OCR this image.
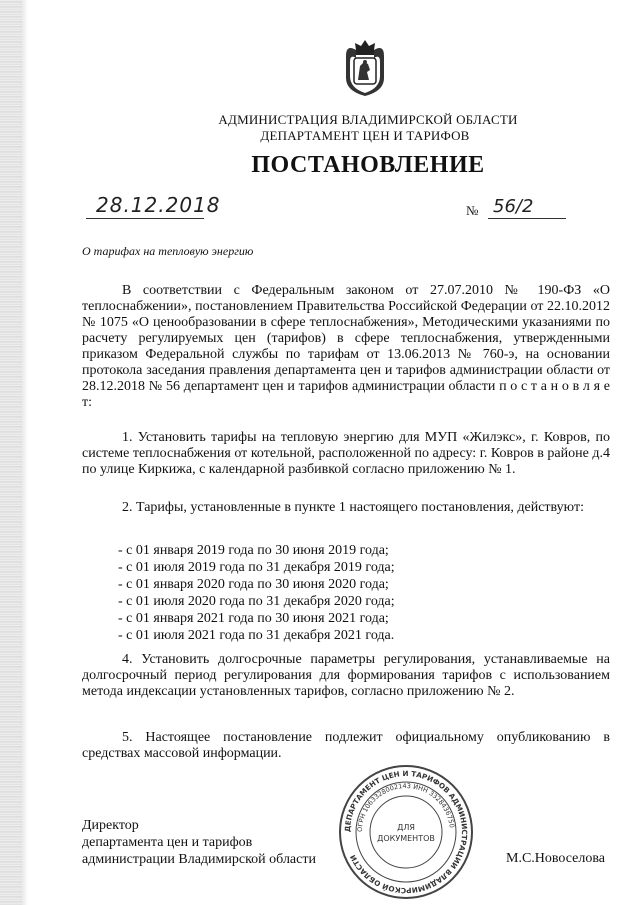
АДМИНИСТРАЦИЯ ВЛАДИМИРСКОЙ ОБЛАСТИ
ДЕПАРТАМЕНТ ЦЕН И ТАРИФОВ
ПОСТАНОВЛЕНИЕ
28.12.2018	№ 56/2
О тарифах на тепловую энергию
В соответствии с Федеральным законом от 27.07.2010 № 190-ФЗ «О теплоснабжении», постановлением Правительства Российской Федерации от 22.10.2012 № 1075 «О ценообразовании в сфере теплоснабжения», Методическими указаниями по расчету регулируемых цен (тарифов) в сфере теплоснабжения, утвержденными приказом Федеральной службы по тарифам от 13.06.2013 № 760-э, на основании протокола заседания правления департамента цен и тарифов администрации области от 28.12.2018 № 56 департамент цен и тарифов администрации области п о с т а н о в л я е т:
1. Установить тарифы на тепловую энергию для МУП «Жилэкс», г. Ковров, по системе теплоснабжения от котельной, расположенной по адресу: г. Ковров в районе д.4 по улице Киркижа, с календарной разбивкой согласно приложению № 1.
2. Тарифы, установленные в пункте 1 настоящего постановления, действуют:
- с 01 января 2019 года по 30 июня 2019 года;
- с 01 июля 2019 года по 31 декабря 2019 года;
- с 01 января 2020 года по 30 июня 2020 года;
- с 01 июля 2020 года по 31 декабря 2020 года;
- с 01 января 2021 года по 30 июня 2021 года;
- с 01 июля 2021 года по 31 декабря 2021 года.
4. Установить долгосрочные параметры регулирования, устанавливаемые на долгосрочный период регулирования для формирования тарифов с использованием метода индексации установленных тарифов, согласно приложению № 2.
5. Настоящее постановление подлежит официальному опубликованию в средствах массовой информации.
Директор
департамента цен и тарифов
администрации Владимирской области	М.С.Новоселова
ДЕПАРТАМЕНТ ЦЕН И ТАРИФОВ АДМИНИСТРАЦИИ ВЛАДИМИРСКОЙ ОБЛАСТИ
ОГРН 1063328002143 ИНН 3328436750
ДЛЯ
ДОКУМЕНТОВ
